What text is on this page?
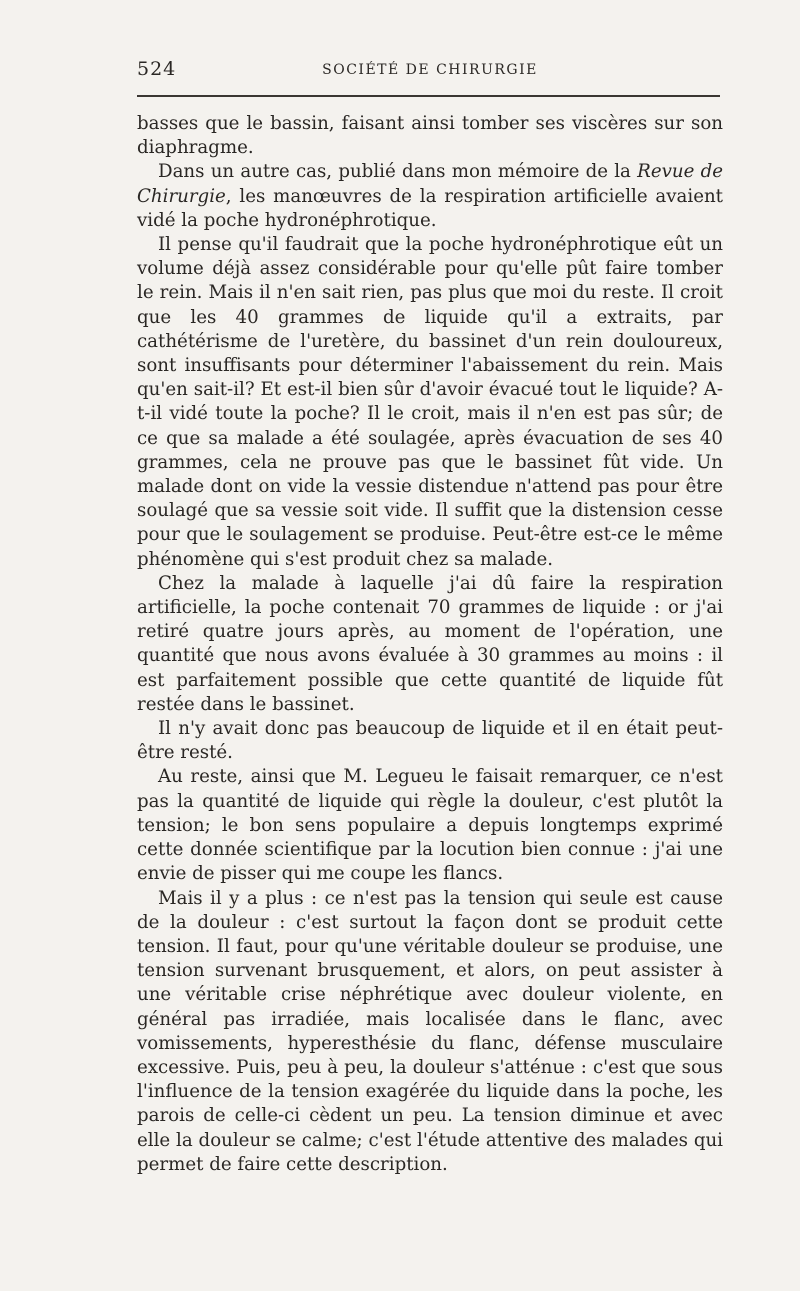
524	SOCIÉTÉ DE CHIRURGIE

basses que le bassin, faisant ainsi tomber ses viscères sur son diaphragme.

Dans un autre cas, publié dans mon mémoire de la Revue de Chirurgie, les manœuvres de la respiration artificielle avaient vidé la poche hydronéphrotique.

Il pense qu'il faudrait que la poche hydronéphrotique eût un volume déjà assez considérable pour qu'elle pût faire tomber le rein. Mais il n'en sait rien, pas plus que moi du reste. Il croit que les 40 grammes de liquide qu'il a extraits, par cathétérisme de l'uretère, du bassinet d'un rein douloureux, sont insuffisants pour déterminer l'abaissement du rein. Mais qu'en sait-il? Et est-il bien sûr d'avoir évacué tout le liquide? A-t-il vidé toute la poche? Il le croit, mais il n'en est pas sûr; de ce que sa malade a été soulagée, après évacuation de ses 40 grammes, cela ne prouve pas que le bassinet fût vide. Un malade dont on vide la vessie distendue n'attend pas pour être soulagé que sa vessie soit vide. Il suffit que la distension cesse pour que le soulagement se produise. Peut-être est-ce le même phénomène qui s'est produit chez sa malade.

Chez la malade à laquelle j'ai dû faire la respiration artificielle, la poche contenait 70 grammes de liquide : or j'ai retiré quatre jours après, au moment de l'opération, une quantité que nous avons évaluée à 30 grammes au moins : il est parfaitement possible que cette quantité de liquide fût restée dans le bassinet.

Il n'y avait donc pas beaucoup de liquide et il en était peut-être resté.

Au reste, ainsi que M. Legueu le faisait remarquer, ce n'est pas la quantité de liquide qui règle la douleur, c'est plutôt la tension; le bon sens populaire a depuis longtemps exprimé cette donnée scientifique par la locution bien connue : j'ai une envie de pisser qui me coupe les flancs.

Mais il y a plus : ce n'est pas la tension qui seule est cause de la douleur : c'est surtout la façon dont se produit cette tension. Il faut, pour qu'une véritable douleur se produise, une tension survenant brusquement, et alors, on peut assister à une véritable crise néphrétique avec douleur violente, en général pas irradiée, mais localisée dans le flanc, avec vomissements, hyperesthésie du flanc, défense musculaire excessive. Puis, peu à peu, la douleur s'atténue : c'est que sous l'influence de la tension exagérée du liquide dans la poche, les parois de celle-ci cèdent un peu. La tension diminue et avec elle la douleur se calme; c'est l'étude attentive des malades qui permet de faire cette description.
